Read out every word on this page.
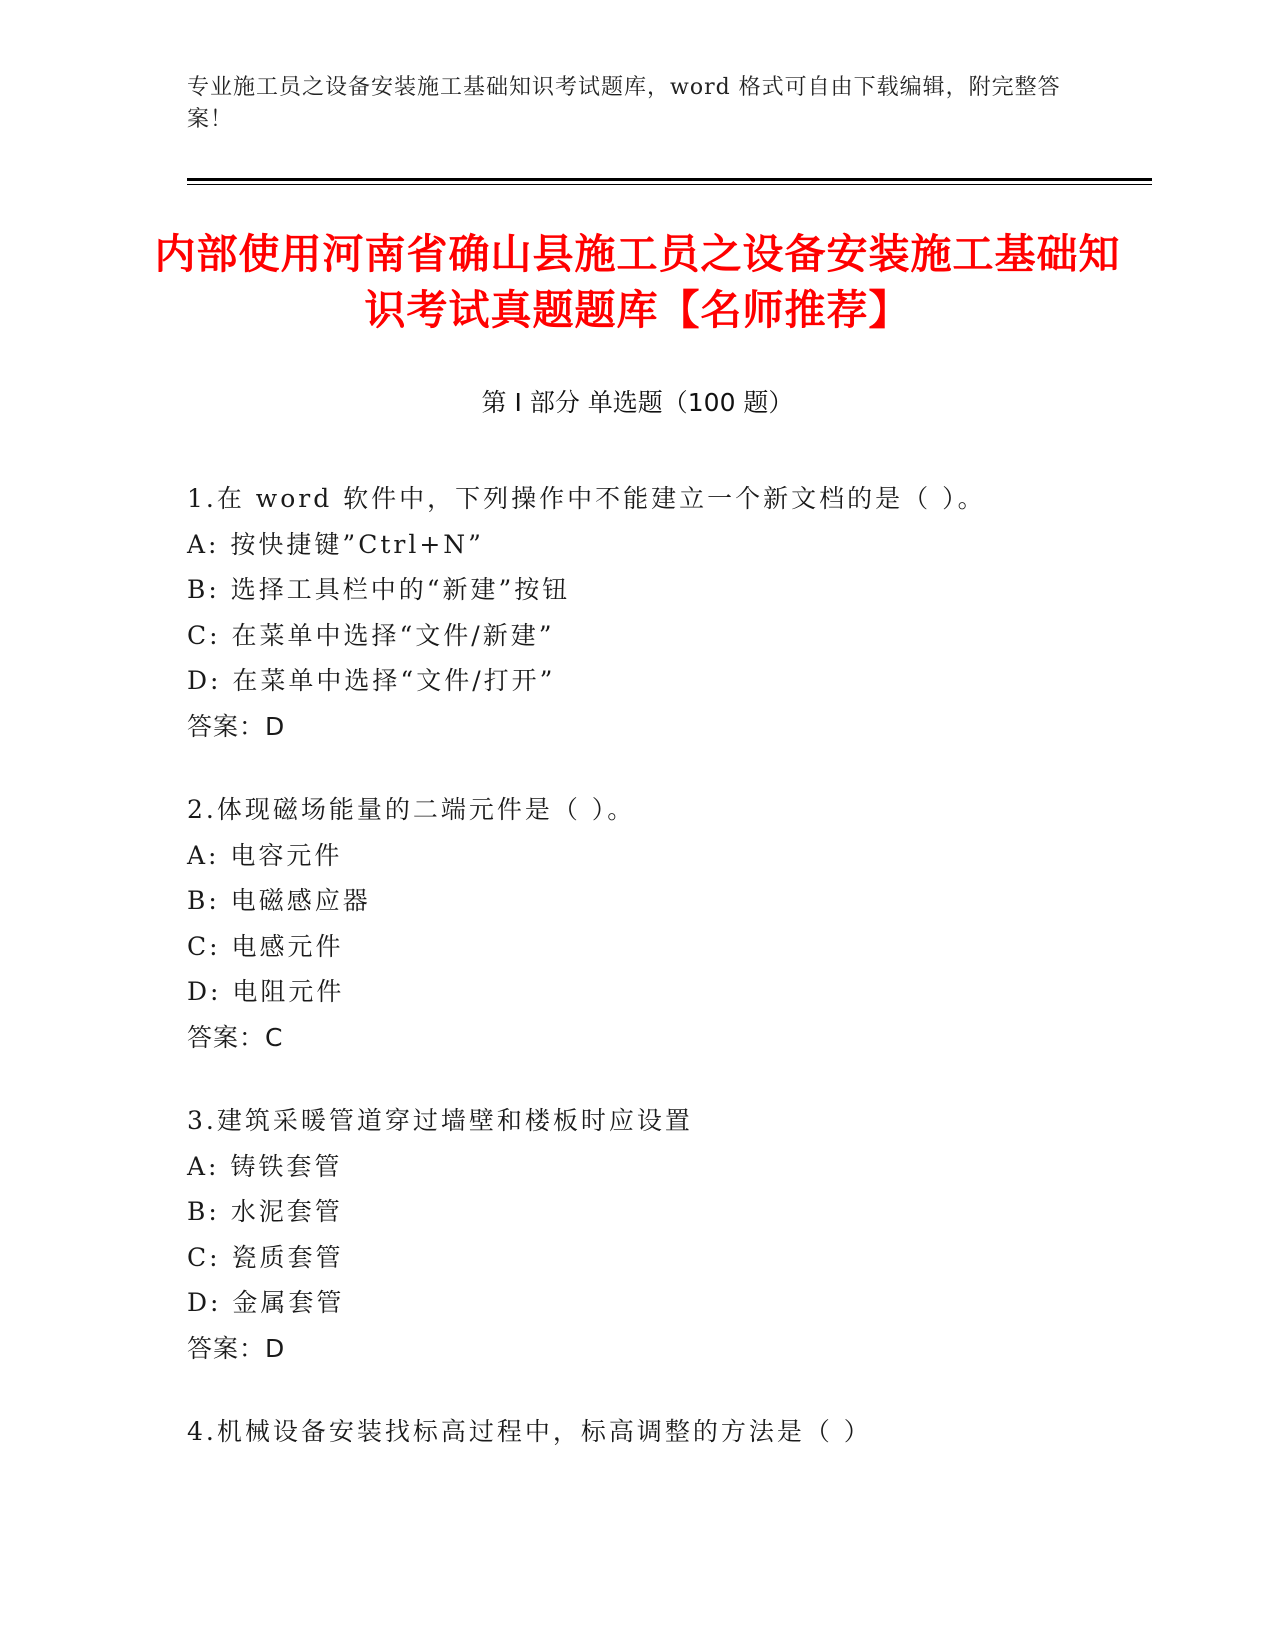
专业施工员之设备安装施工基础知识考试题库，word 格式可自由下载编辑，附完整答案！
内部使用河南省确山县施工员之设备安装施工基础知识考试真题题库【名师推荐】
第 I 部分 单选题（100 题）
1.在 word 软件中，下列操作中不能建立一个新文档的是（ ）。
A: 按快捷键”Ctrl+N”
B: 选择工具栏中的“新建”按钮
C: 在菜单中选择“文件/新建”
D: 在菜单中选择“文件/打开”
答案：D
2.体现磁场能量的二端元件是（ ）。
A: 电容元件
B: 电磁感应器
C: 电感元件
D: 电阻元件
答案：C
3.建筑采暖管道穿过墙壁和楼板时应设置
A: 铸铁套管
B: 水泥套管
C: 瓷质套管
D: 金属套管
答案：D
4.机械设备安装找标高过程中，标高调整的方法是（ ）
